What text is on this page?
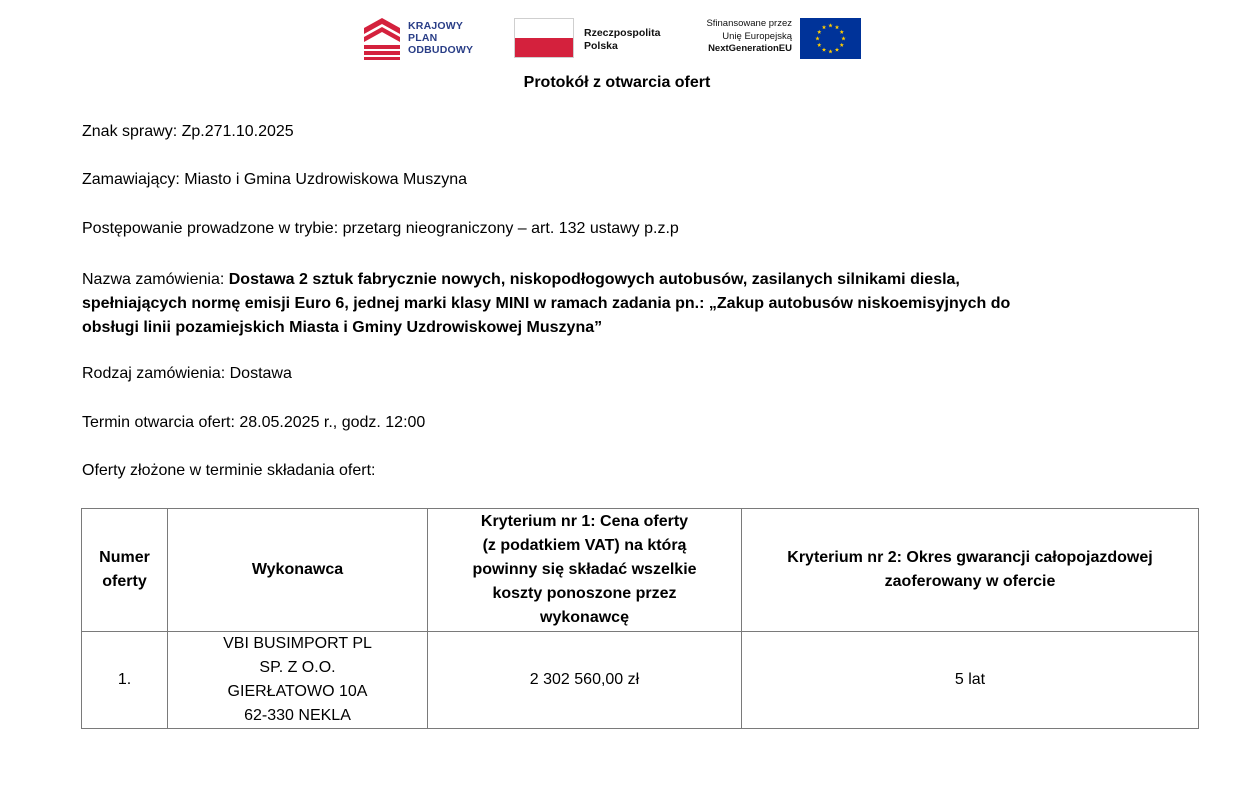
KRAJOWY
PLAN
ODBUDOWY
Rzeczpospolita
Polska
Sfinansowane przez
Unię Europejską
NextGenerationEU
Protokół z otwarcia ofert
Znak sprawy: Zp.271.10.2025
Zamawiający: Miasto i Gmina Uzdrowiskowa Muszyna
Postępowanie prowadzone w trybie: przetarg nieograniczony – art. 132 ustawy p.z.p
Nazwa zamówienia: Dostawa 2 sztuk fabrycznie nowych, niskopodłogowych autobusów, zasilanych silnikami diesla,
spełniających normę emisji Euro 6, jednej marki klasy MINI w ramach zadania pn.: „Zakup autobusów niskoemisyjnych do
obsługi linii pozamiejskich Miasta i Gminy Uzdrowiskowej Muszyna”
Rodzaj zamówienia: Dostawa
Termin otwarcia ofert: 28.05.2025 r., godz. 12:00
Oferty złożone w terminie składania ofert:
Numer
oferty	Wykonawca	Kryterium nr 1: Cena oferty
(z podatkiem VAT) na którą
powinny się składać wszelkie
koszty ponoszone przez
wykonawcę	Kryterium nr 2: Okres gwarancji całopojazdowej
zaoferowany w ofercie

1.	VBI BUSIMPORT PL
SP. Z O.O.
GIERŁATOWO 10A
62-330 NEKLA	2 302 560,00 zł	5 lat
